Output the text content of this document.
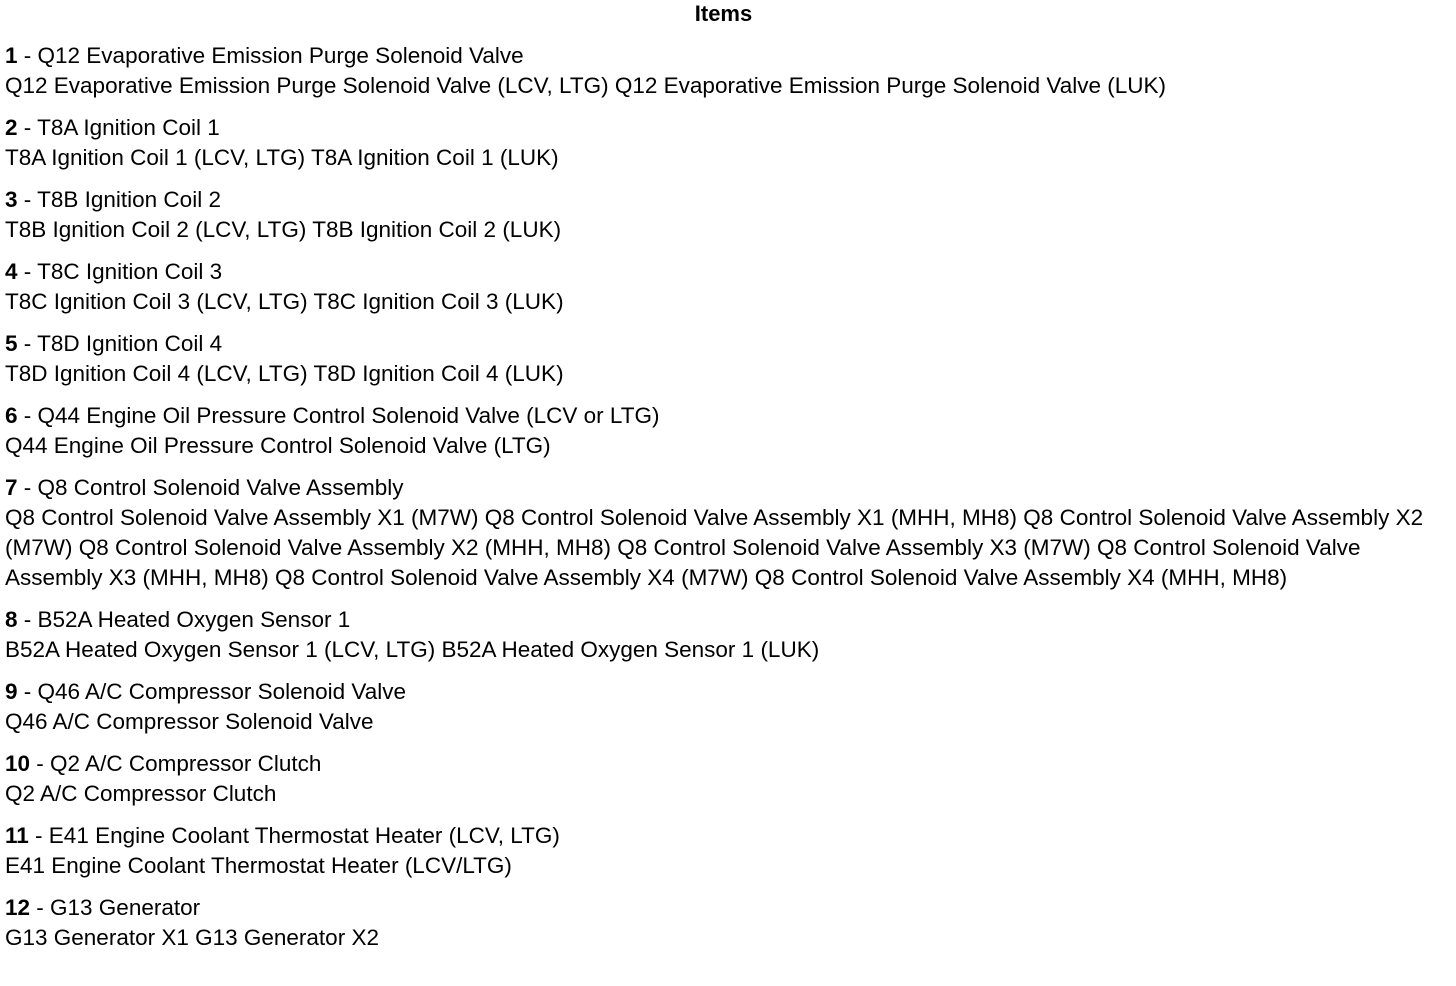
Items
1 - Q12 Evaporative Emission Purge Solenoid Valve
Q12 Evaporative Emission Purge Solenoid Valve (LCV, LTG) Q12 Evaporative Emission Purge Solenoid Valve (LUK)
2 - T8A Ignition Coil 1
T8A Ignition Coil 1 (LCV, LTG) T8A Ignition Coil 1 (LUK)
3 - T8B Ignition Coil 2
T8B Ignition Coil 2 (LCV, LTG) T8B Ignition Coil 2 (LUK)
4 - T8C Ignition Coil 3
T8C Ignition Coil 3 (LCV, LTG) T8C Ignition Coil 3 (LUK)
5 - T8D Ignition Coil 4
T8D Ignition Coil 4 (LCV, LTG) T8D Ignition Coil 4 (LUK)
6 - Q44 Engine Oil Pressure Control Solenoid Valve (LCV or LTG)
Q44 Engine Oil Pressure Control Solenoid Valve (LTG)
7 - Q8 Control Solenoid Valve Assembly
Q8 Control Solenoid Valve Assembly X1 (M7W) Q8 Control Solenoid Valve Assembly X1 (MHH, MH8) Q8 Control Solenoid Valve Assembly X2 (M7W) Q8 Control Solenoid Valve Assembly X2 (MHH, MH8) Q8 Control Solenoid Valve Assembly X3 (M7W) Q8 Control Solenoid Valve Assembly X3 (MHH, MH8) Q8 Control Solenoid Valve Assembly X4 (M7W) Q8 Control Solenoid Valve Assembly X4 (MHH, MH8)
8 - B52A Heated Oxygen Sensor 1
B52A Heated Oxygen Sensor 1 (LCV, LTG) B52A Heated Oxygen Sensor 1 (LUK)
9 - Q46 A/C Compressor Solenoid Valve
Q46 A/C Compressor Solenoid Valve
10 - Q2 A/C Compressor Clutch
Q2 A/C Compressor Clutch
11 - E41 Engine Coolant Thermostat Heater (LCV, LTG)
E41 Engine Coolant Thermostat Heater (LCV/LTG)
12 - G13 Generator
G13 Generator X1 G13 Generator X2
